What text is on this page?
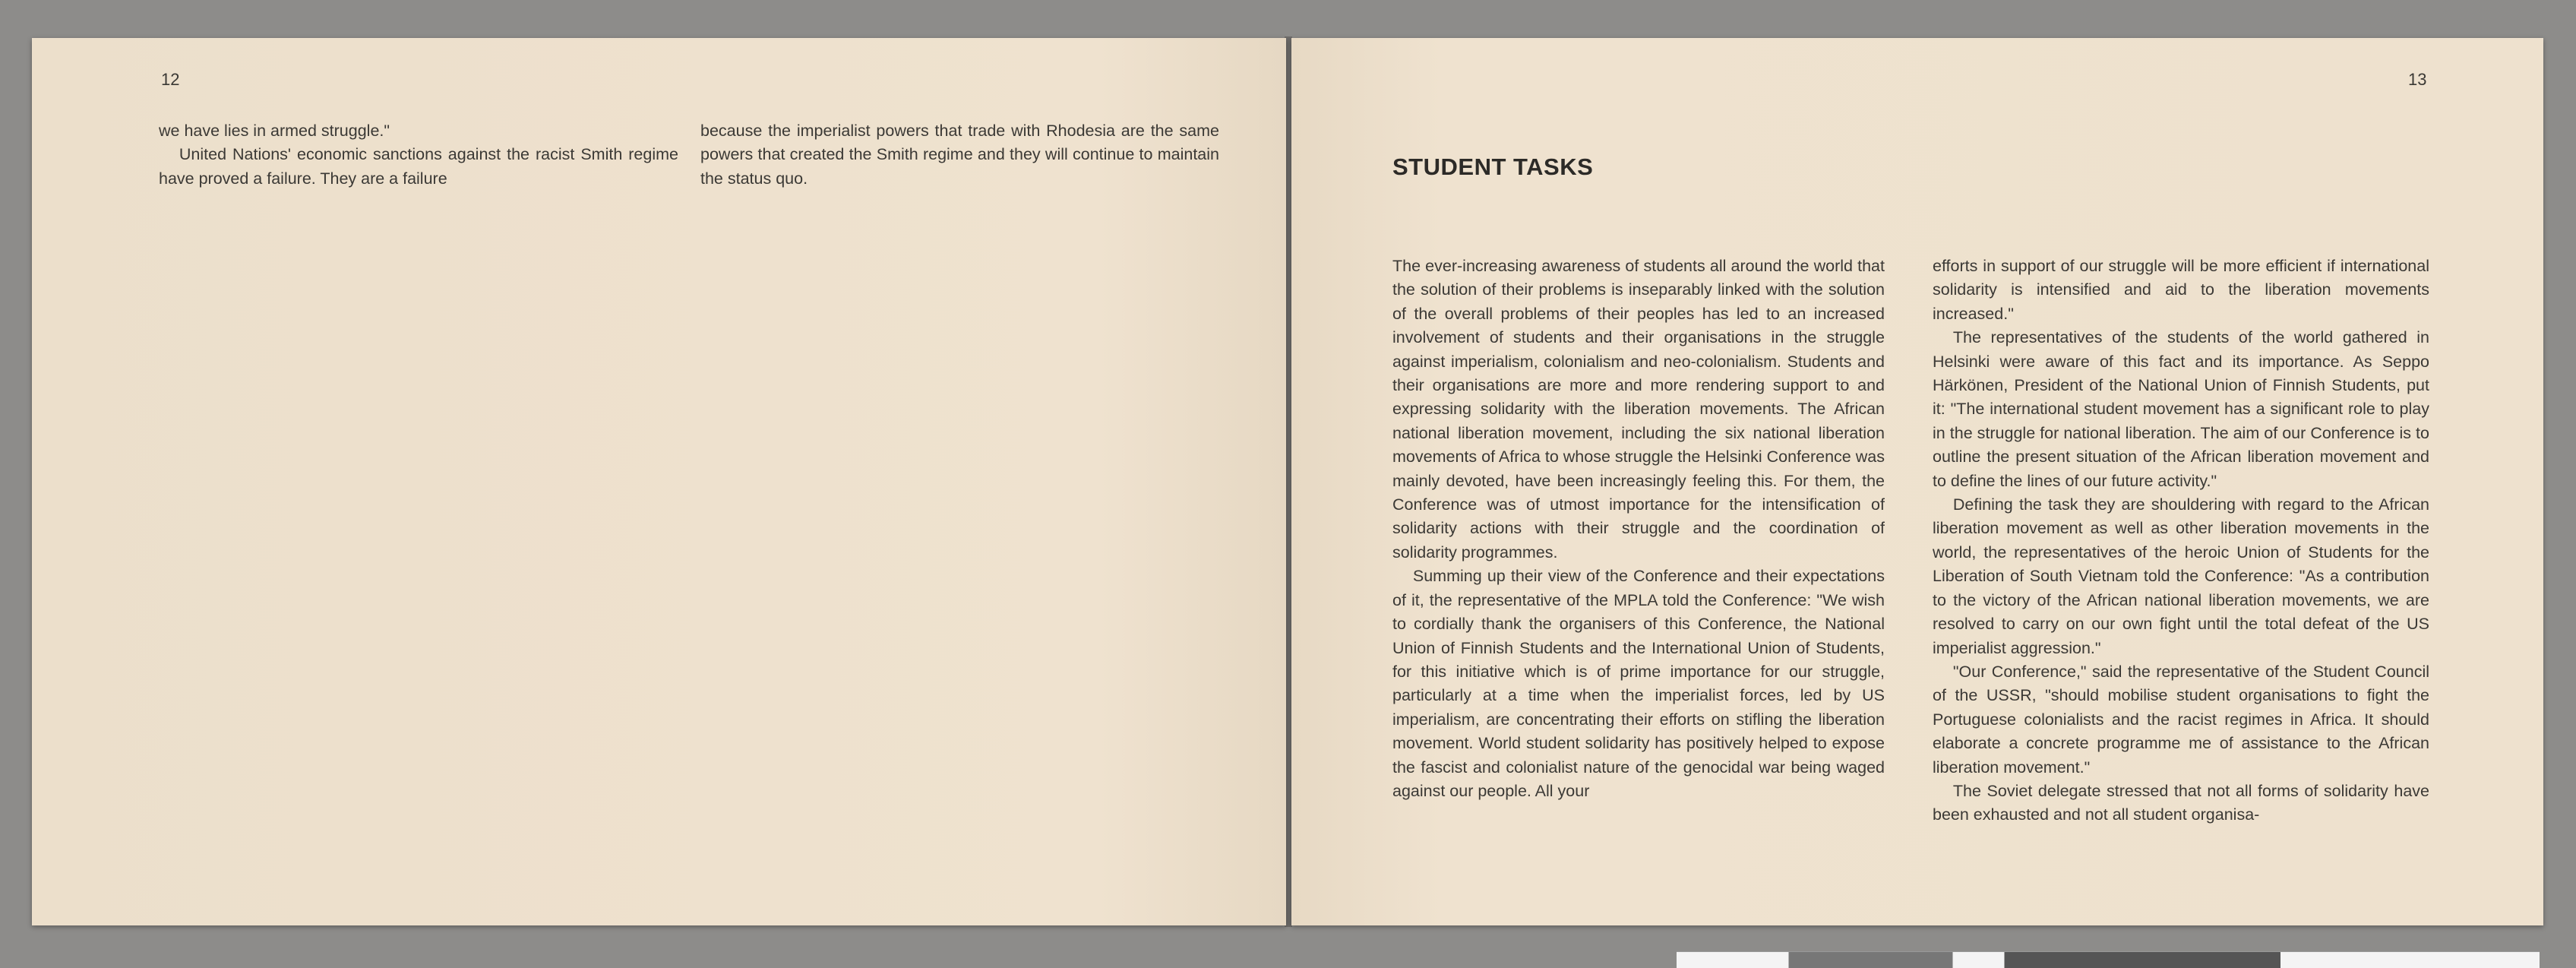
12

we have lies in armed struggle."

United Nations' economic sanctions against the racist Smith regime have proved a failure. They are a failure

because the imperialist powers that trade with Rhodesia are the same powers that created the Smith regime and they will continue to maintain the status quo.

13
STUDENT TASKS

The ever-increasing awareness of students all around the world that the solution of their problems is inseparably linked with the solution of the overall problems of their peoples has led to an increased involvement of students and their organisations in the struggle against imperialism, colonialism and neo-colonialism. Students and their organisations are more and more rendering support to and expressing solidarity with the liberation movements. The African national liberation movement, including the six national liberation movements of Africa to whose struggle the Helsinki Conference was mainly devoted, have been increasingly feeling this. For them, the Conference was of utmost importance for the intensification of solidarity actions with their struggle and the coordination of solidarity programmes.

Summing up their view of the Conference and their expectations of it, the representative of the MPLA told the Conference: "We wish to cordially thank the organisers of this Conference, the National Union of Finnish Students and the International Union of Students, for this initiative which is of prime importance for our struggle, particularly at a time when the imperialist forces, led by US imperialism, are concentrating their efforts on stifling the liberation movement. World student solidarity has positively helped to expose the fascist and colonialist nature of the genocidal war being waged against our people. All your

efforts in support of our struggle will be more efficient if international solidarity is intensified and aid to the liberation movements increased."

The representatives of the students of the world gathered in Helsinki were aware of this fact and its importance. As Seppo Härkönen, President of the National Union of Finnish Students, put it: "The international student movement has a significant role to play in the struggle for national liberation. The aim of our Conference is to outline the present situation of the African liberation movement and to define the lines of our future activity."

Defining the task they are shouldering with regard to the African liberation movement as well as other liberation movements in the world, the representatives of the heroic Union of Students for the Liberation of South Vietnam told the Conference: "As a contribution to the victory of the African national liberation movements, we are resolved to carry on our own fight until the total defeat of the US imperialist aggression."

"Our Conference," said the representative of the Student Council of the USSR, "should mobilise student organisations to fight the Portuguese colonialists and the racist regimes in Africa. It should elaborate a concrete programme me of assistance to the African liberation movement."

The Soviet delegate stressed that not all forms of solidarity have been exhausted and not all student organisa-
